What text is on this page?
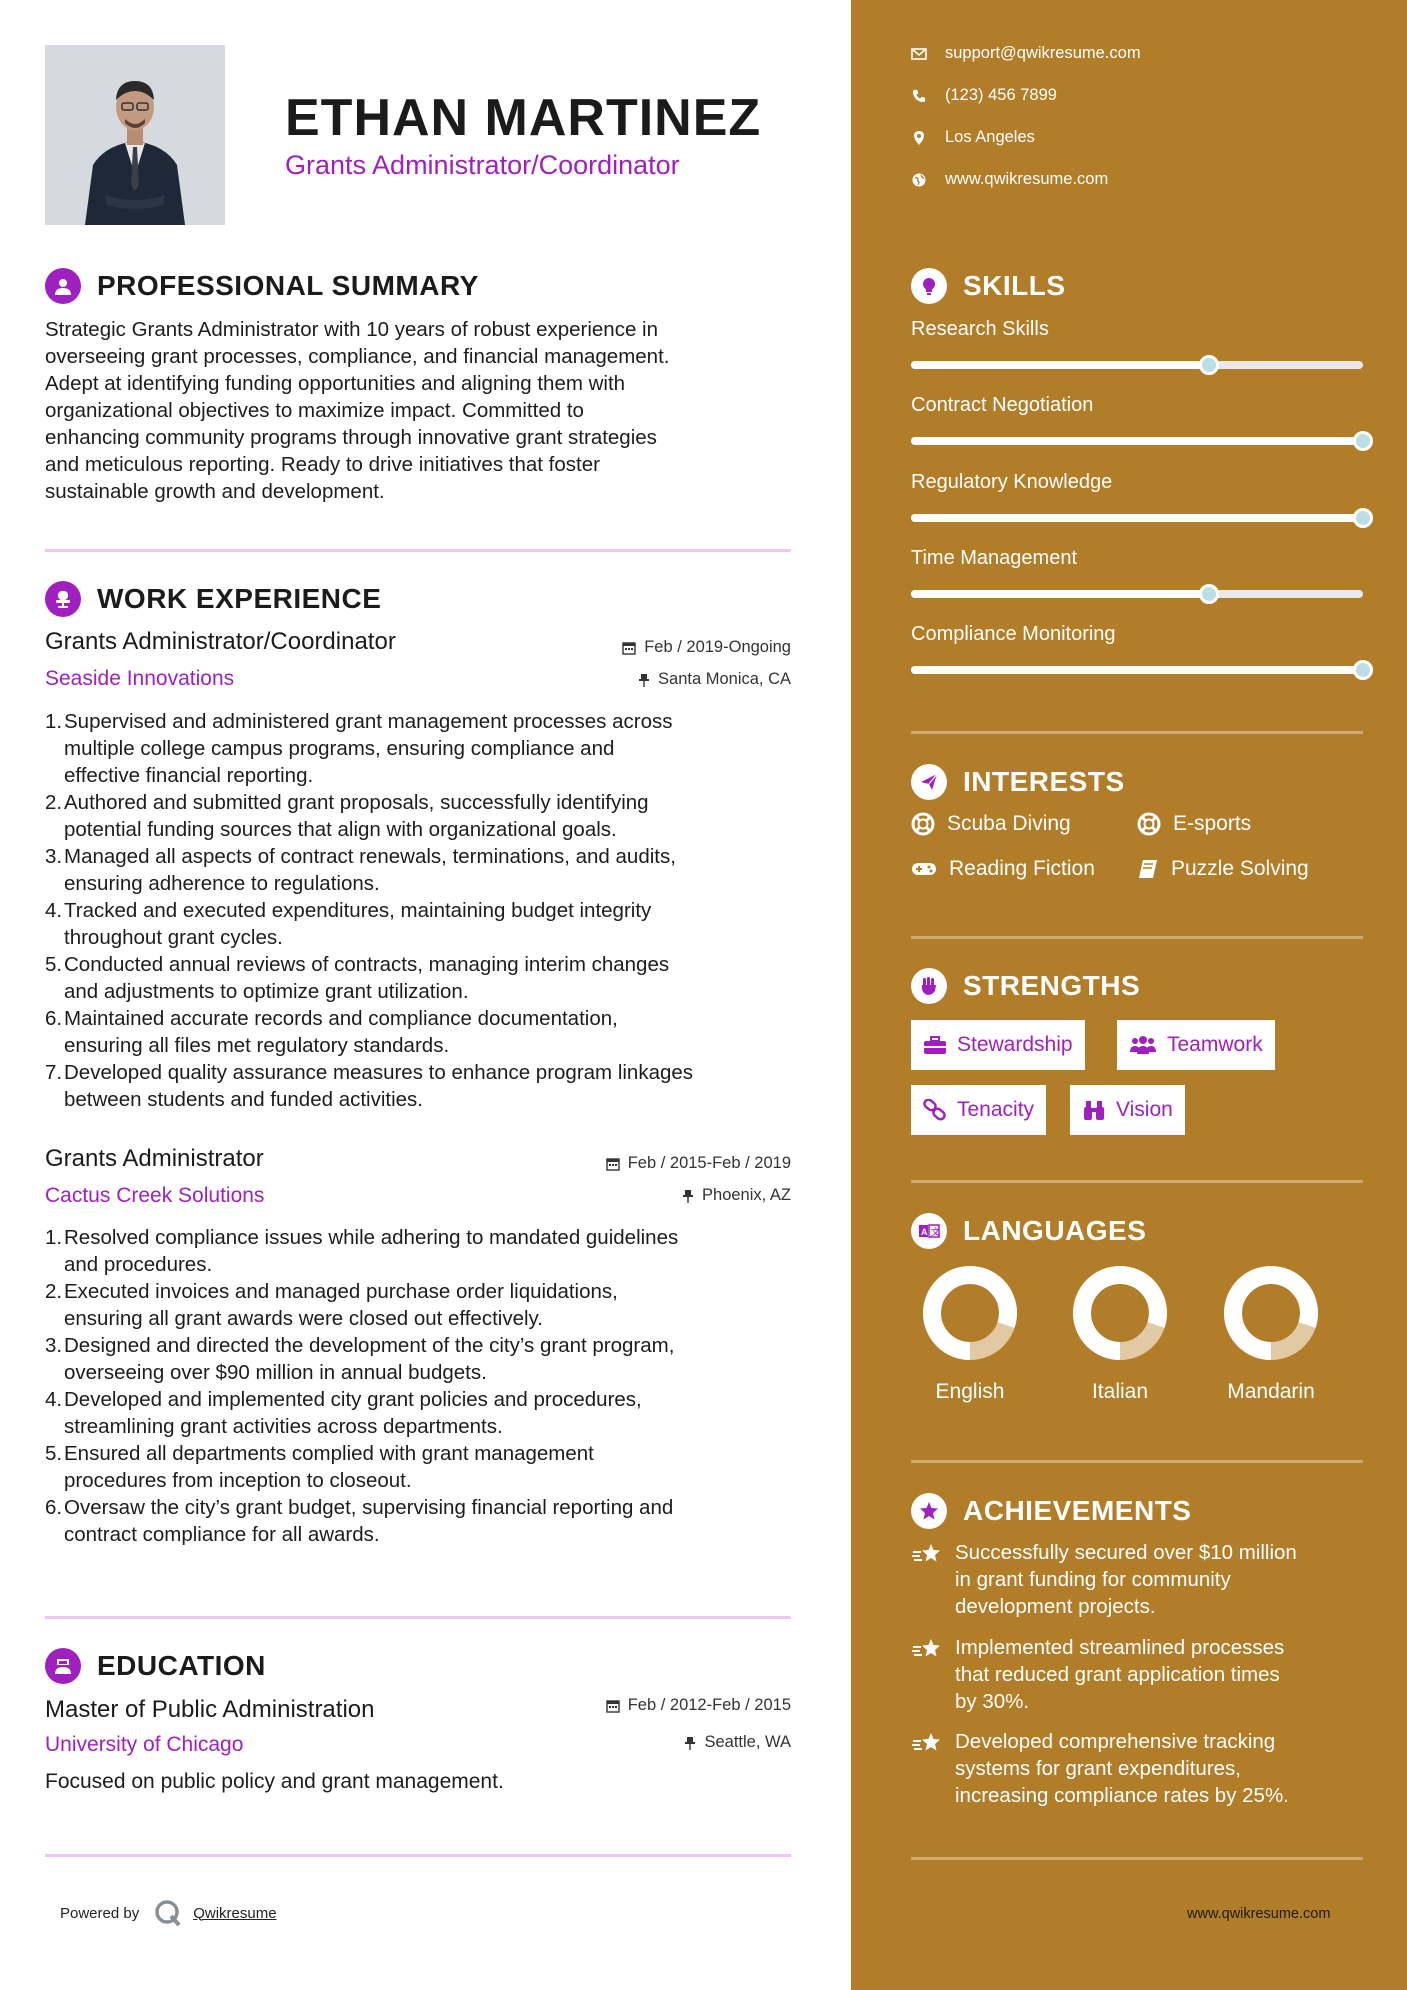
ETHAN MARTINEZ
Grants Administrator/Coordinator
PROFESSIONAL SUMMARY
Strategic Grants Administrator with 10 years of robust experience in
overseeing grant processes, compliance, and financial management.
Adept at identifying funding opportunities and aligning them with
organizational objectives to maximize impact. Committed to
enhancing community programs through innovative grant strategies
and meticulous reporting. Ready to drive initiatives that foster
sustainable growth and development.
WORK EXPERIENCE
Grants Administrator/Coordinator	Feb / 2019-Ongoing
Seaside Innovations	Santa Monica, CA
1. Supervised and administered grant management processes across
multiple college campus programs, ensuring compliance and
effective financial reporting.
2. Authored and submitted grant proposals, successfully identifying
potential funding sources that align with organizational goals.
3. Managed all aspects of contract renewals, terminations, and audits,
ensuring adherence to regulations.
4. Tracked and executed expenditures, maintaining budget integrity
throughout grant cycles.
5. Conducted annual reviews of contracts, managing interim changes
and adjustments to optimize grant utilization.
6. Maintained accurate records and compliance documentation,
ensuring all files met regulatory standards.
7. Developed quality assurance measures to enhance program linkages
between students and funded activities.
Grants Administrator	Feb / 2015-Feb / 2019
Cactus Creek Solutions	Phoenix, AZ
1. Resolved compliance issues while adhering to mandated guidelines
and procedures.
2. Executed invoices and managed purchase order liquidations,
ensuring all grant awards were closed out effectively.
3. Designed and directed the development of the city’s grant program,
overseeing over $90 million in annual budgets.
4. Developed and implemented city grant policies and procedures,
streamlining grant activities across departments.
5. Ensured all departments complied with grant management
procedures from inception to closeout.
6. Oversaw the city’s grant budget, supervising financial reporting and
contract compliance for all awards.
EDUCATION
Master of Public Administration	Feb / 2012-Feb / 2015
University of Chicago	Seattle, WA
Focused on public policy and grant management.
Powered by	Qwikresume
support@qwikresume.com
(123) 456 7899
Los Angeles
www.qwikresume.com
SKILLS
Research Skills
Contract Negotiation
Regulatory Knowledge
Time Management
Compliance Monitoring
INTERESTS
Scuba Diving	E-sports
Reading Fiction	Puzzle Solving
STRENGTHS
Stewardship	Teamwork
Tenacity	Vision
A 文 LANGUAGES
English	Italian	Mandarin
ACHIEVEMENTS
Successfully secured over $10 million
in grant funding for community
development projects.
Implemented streamlined processes
that reduced grant application times
by 30%.
Developed comprehensive tracking
systems for grant expenditures,
increasing compliance rates by 25%.
www.qwikresume.com
